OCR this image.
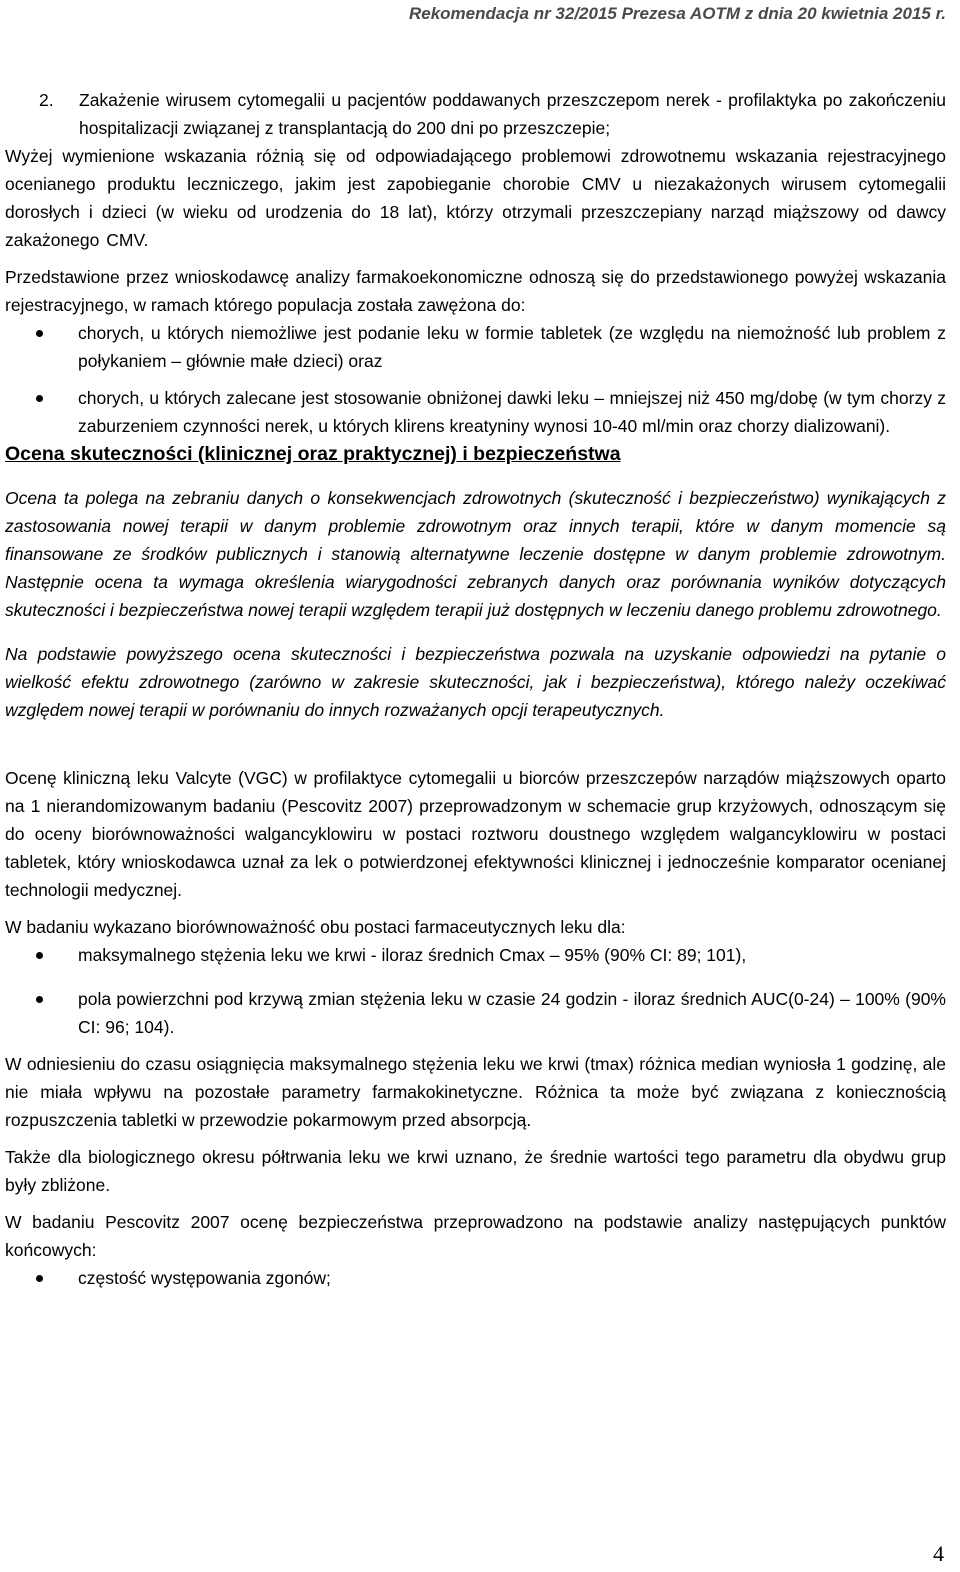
Rekomendacja nr 32/2015 Prezesa AOTM z dnia 20 kwietnia 2015 r.
2.	Zakażenie wirusem cytomegalii u pacjentów poddawanych przeszczepom nerek - profilaktyka po zakończeniu hospitalizacji związanej z transplantacją do 200 dni po przeszczepie;

Wyżej wymienione wskazania różnią się od odpowiadającego problemowi zdrowotnemu wskazania rejestracyjnego ocenianego produktu leczniczego, jakim jest zapobieganie chorobie CMV u niezakażonych wirusem cytomegalii dorosłych i dzieci (w wieku od urodzenia do 18 lat), którzy otrzymali przeszczepiany narząd miąższowy od dawcy zakażonego CMV.

Przedstawione przez wnioskodawcę analizy farmakoekonomiczne odnoszą się do przedstawionego powyżej wskazania rejestracyjnego, w ramach którego populacja została zawężona do:

chorych, u których niemożliwe jest podanie leku w formie tabletek (ze względu na niemożność lub problem z połykaniem – głównie małe dzieci) oraz
chorych, u których zalecane jest stosowanie obniżonej dawki leku – mniejszej niż 450 mg/dobę (w tym chorzy z zaburzeniem czynności nerek, u których klirens kreatyniny wynosi 10-40 ml/min oraz chorzy dializowani).

Ocena skuteczności (klinicznej oraz praktycznej) i bezpieczeństwa

Ocena ta polega na zebraniu danych o konsekwencjach zdrowotnych (skuteczność i bezpieczeństwo) wynikających z zastosowania nowej terapii w danym problemie zdrowotnym oraz innych terapii, które w danym momencie są finansowane ze środków publicznych i stanowią alternatywne leczenie dostępne w danym problemie zdrowotnym. Następnie ocena ta wymaga określenia wiarygodności zebranych danych oraz porównania wyników dotyczących skuteczności i bezpieczeństwa nowej terapii względem terapii już dostępnych w leczeniu danego problemu zdrowotnego.

Na podstawie powyższego ocena skuteczności i bezpieczeństwa pozwala na uzyskanie odpowiedzi na pytanie o wielkość efektu zdrowotnego (zarówno w zakresie skuteczności, jak i bezpieczeństwa), którego należy oczekiwać względem nowej terapii w porównaniu do innych rozważanych opcji terapeutycznych.

Ocenę kliniczną leku Valcyte (VGC) w profilaktyce cytomegalii u biorców przeszczepów narządów miąższowych oparto na 1 nierandomizowanym badaniu (Pescovitz 2007) przeprowadzonym w schemacie grup krzyżowych, odnoszącym się do oceny biorównoważności walgancyklowiru w postaci roztworu doustnego względem walgancyklowiru w postaci tabletek, który wnioskodawca uznał za lek o potwierdzonej efektywności klinicznej i jednocześnie komparator ocenianej technologii medycznej.

W badaniu wykazano biorównoważność obu postaci farmaceutycznych leku dla:

maksymalnego stężenia leku we krwi - iloraz średnich Cmax – 95% (90% CI: 89; 101),
pola powierzchni pod krzywą zmian stężenia leku w czasie 24 godzin - iloraz średnich AUC(0-24) – 100% (90% CI: 96; 104).

W odniesieniu do czasu osiągnięcia maksymalnego stężenia leku we krwi (tmax) różnica median wyniosła 1 godzinę, ale nie miała wpływu na pozostałe parametry farmakokinetyczne. Różnica ta może być związana z koniecznością rozpuszczenia tabletki w przewodzie pokarmowym przed absorpcją.

Także dla biologicznego okresu półtrwania leku we krwi uznano, że średnie wartości tego parametru dla obydwu grup były zbliżone.

W badaniu Pescovitz 2007 ocenę bezpieczeństwa przeprowadzono na podstawie analizy następujących punktów końcowych:

częstość występowania zgonów;
4
